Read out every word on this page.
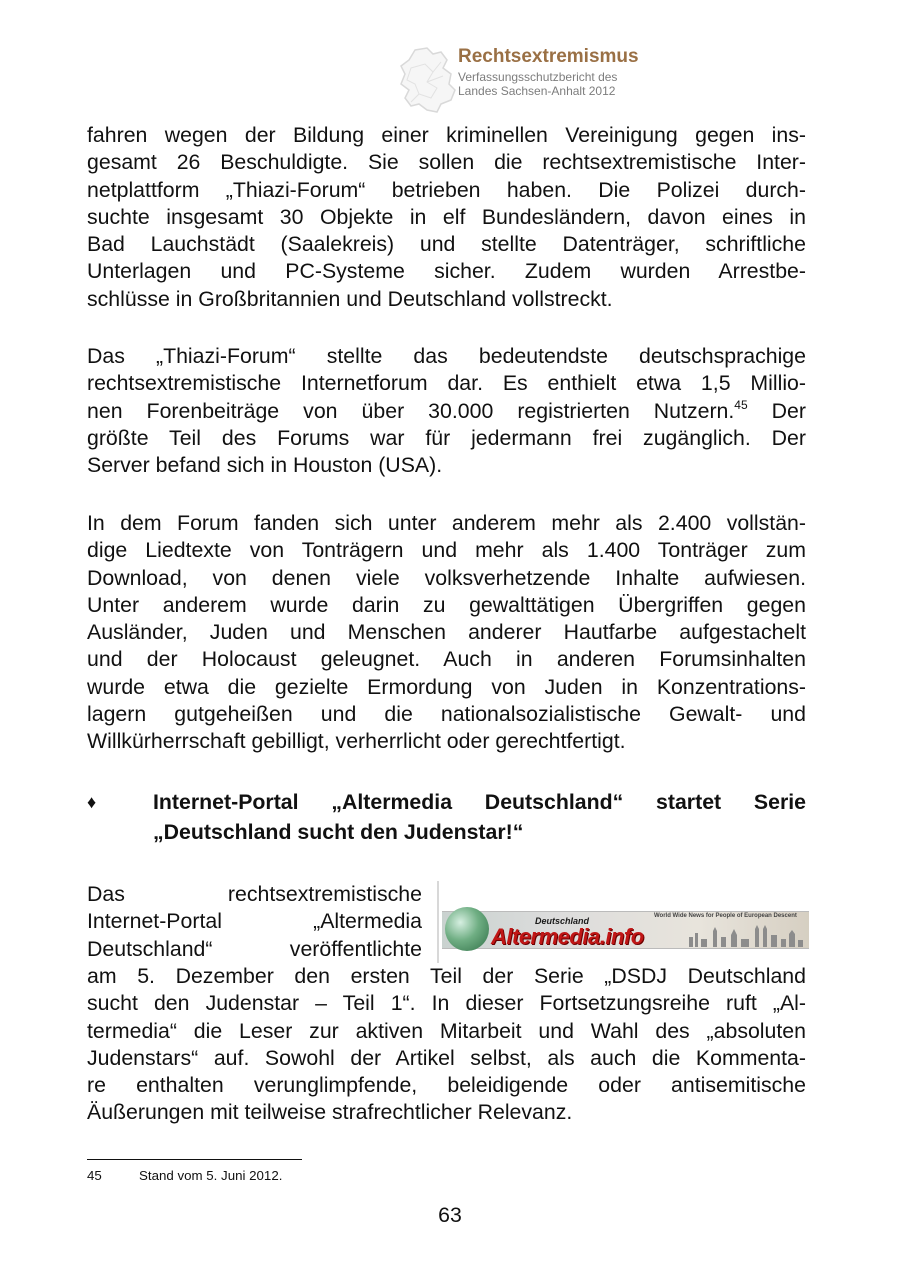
Rechtsextremismus
Verfassungsschutzbericht des
Landes Sachsen-Anhalt 2012
fahren wegen der Bildung einer kriminellen Vereinigung gegen ins-
gesamt 26 Beschuldigte. Sie sollen die rechtsextremistische Inter-
netplattform „Thiazi-Forum“ betrieben haben. Die Polizei durch-
suchte insgesamt 30 Objekte in elf Bundesländern, davon eines in
Bad Lauchstädt (Saalekreis) und stellte Datenträger, schriftliche
Unterlagen und PC-Systeme sicher. Zudem wurden Arrestbe-
schlüsse in Großbritannien und Deutschland vollstreckt.
Das „Thiazi-Forum“ stellte das bedeutendste deutschsprachige
rechtsextremistische Internetforum dar. Es enthielt etwa 1,5 Millio-
nen Forenbeiträge von über 30.000 registrierten Nutzern.$^{45}$ Der
größte Teil des Forums war für jedermann frei zugänglich. Der
Server befand sich in Houston (USA).
In dem Forum fanden sich unter anderem mehr als 2.400 vollstän-
dige Liedtexte von Tonträgern und mehr als 1.400 Tonträger zum
Download, von denen viele volksverhetzende Inhalte aufwiesen.
Unter anderem wurde darin zu gewalttätigen Übergriffen gegen
Ausländer, Juden und Menschen anderer Hautfarbe aufgestachelt
und der Holocaust geleugnet. Auch in anderen Forumsinhalten
wurde etwa die gezielte Ermordung von Juden in Konzentrations-
lagern gutgeheißen und die nationalsozialistische Gewalt- und
Willkürherrschaft gebilligt, verherrlicht oder gerechtfertigt.
♦	Internet-Portal „Altermedia Deutschland“ startet Serie
„Deutschland sucht den Judenstar!“
Das rechtsextremistische
Internet-Portal „Altermedia
Deutschland“ veröffentlichte
Deutschland
Altermedia.info
World Wide News for People of European Descent
am 5. Dezember den ersten Teil der Serie „DSDJ Deutschland
sucht den Judenstar – Teil 1“. In dieser Fortsetzungsreihe ruft „Al-
termedia“ die Leser zur aktiven Mitarbeit und Wahl des „absoluten
Judenstars“ auf. Sowohl der Artikel selbst, als auch die Kommenta-
re enthalten verunglimpfende, beleidigende oder antisemitische
Äußerungen mit teilweise strafrechtlicher Relevanz.
45	Stand vom 5. Juni 2012.
63
